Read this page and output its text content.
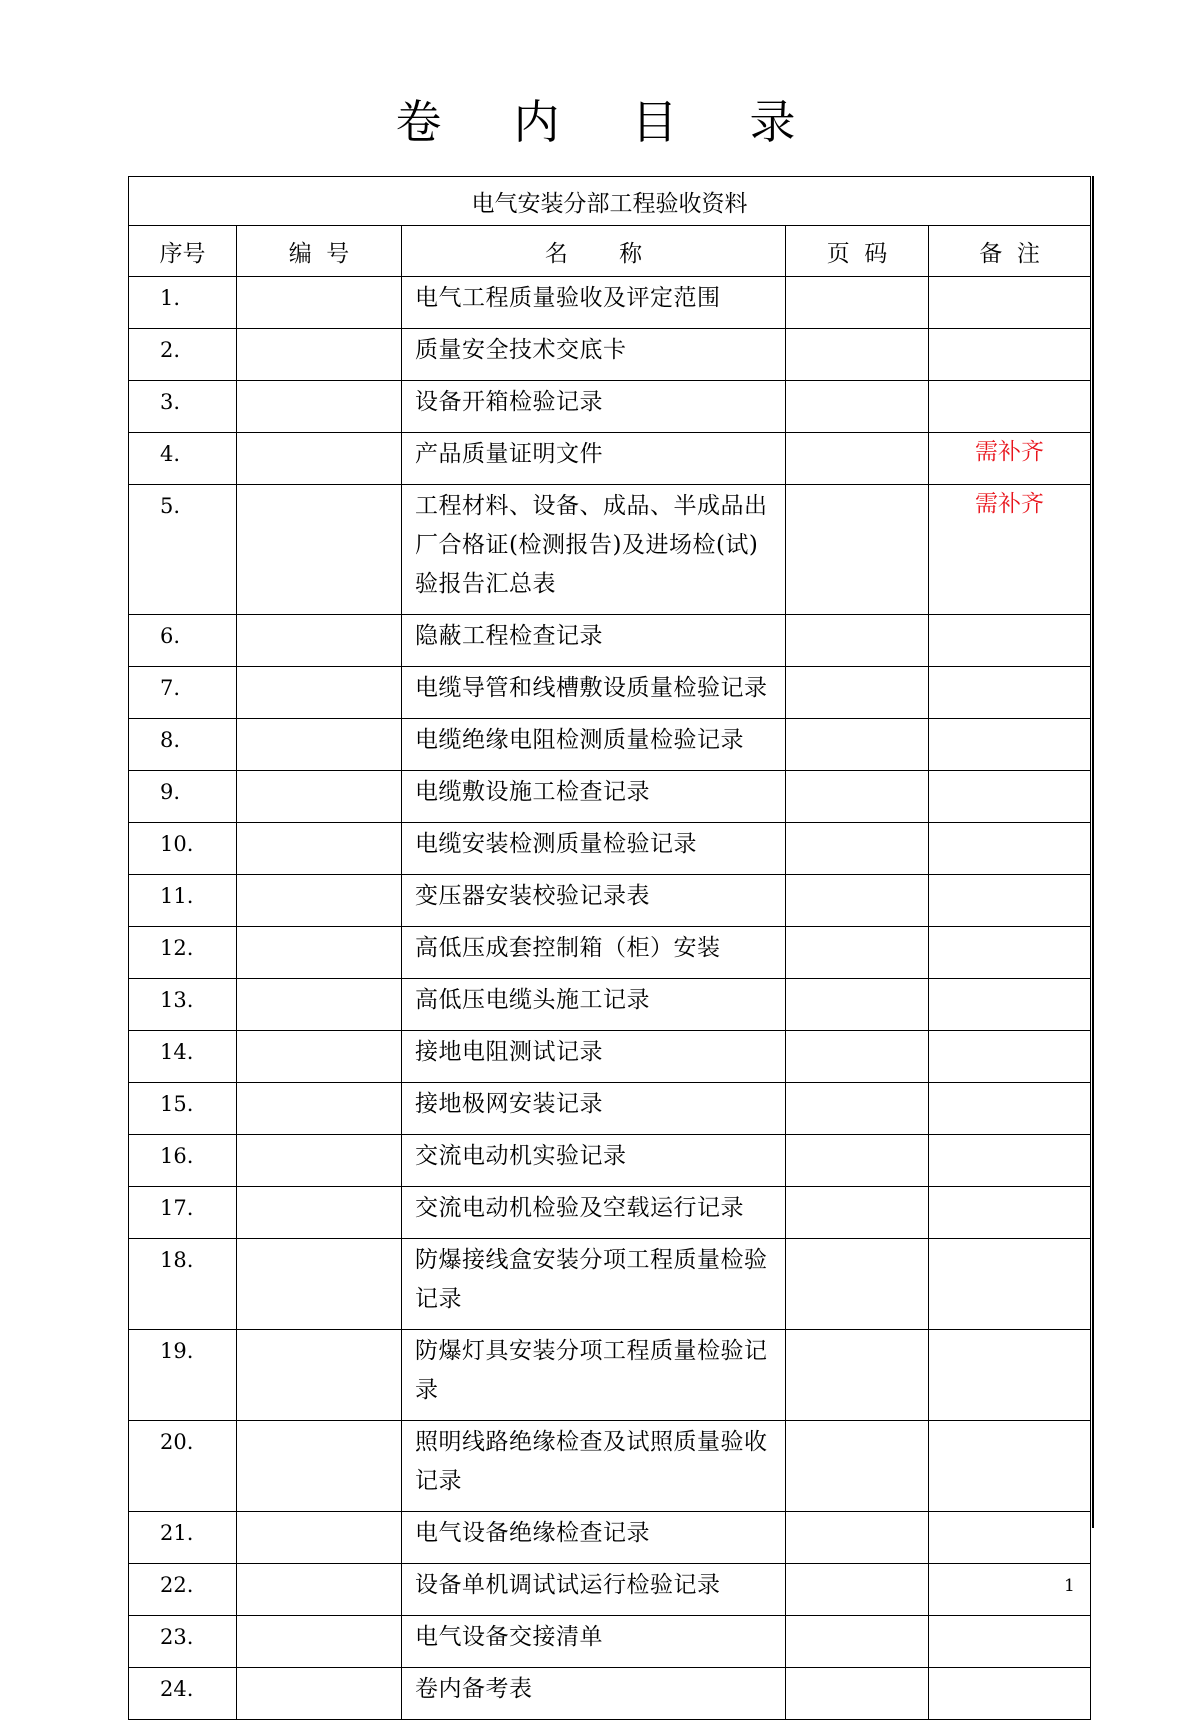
卷 内 目 录
电气安装分部工程验收资料				
序号	编  号	名       称	页  码	备  注
1.		电气工程质量验收及评定范围		

2.		质量安全技术交底卡		

3.		设备开箱检验记录		

4.		产品质量证明文件		需补齐

5.		工程材料、设备、成品、半成品出
厂合格证(检测报告)及进场检(试)
验报告汇总表		需补齐

6.		隐蔽工程检查记录		

7.		电缆导管和线槽敷设质量检验记录		

8.		电缆绝缘电阻检测质量检验记录		

9.		电缆敷设施工检查记录		

10.		电缆安装检测质量检验记录		

11.		变压器安装校验记录表		

12.		高低压成套控制箱（柜）安装		

13.		高低压电缆头施工记录		

14.		接地电阻测试记录		

15.		接地极网安装记录		

16.		交流电动机实验记录		

17.		交流电动机检验及空载运行记录		

18.		防爆接线盒安装分项工程质量检验
记录		

19.		防爆灯具安装分项工程质量检验记
录		

20.		照明线路绝缘检查及试照质量验收
记录		

21.		电气设备绝缘检查记录		

22.		设备单机调试试运行检验记录		

23.		电气设备交接清单		

24.		卷内备考表		

1
